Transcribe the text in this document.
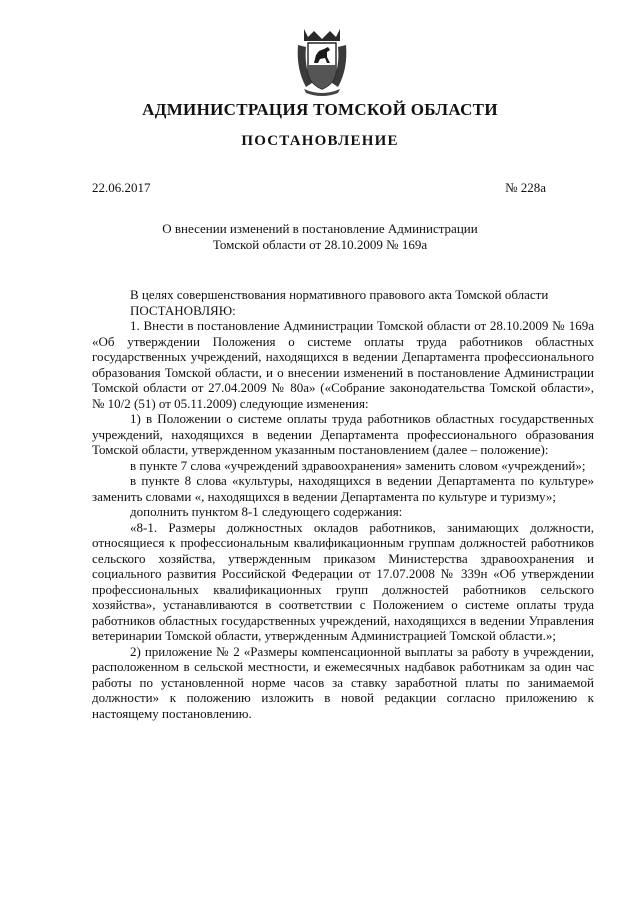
АДМИНИСТРАЦИЯ ТОМСКОЙ ОБЛАСТИ
ПОСТАНОВЛЕНИЕ
22.06.2017	№ 228а
О внесении изменений в постановление Администрации
Томской области от 28.10.2009 № 169а

В целях совершенствования нормативного правового акта Томской области

ПОСТАНОВЛЯЮ:

1. Внести в постановление Администрации Томской области от 28.10.2009 № 169а «Об утверждении Положения о системе оплаты труда работников областных государственных учреждений, находящихся в ведении Департамента профессионального образования Томской области, и о внесении изменений в постановление Администрации Томской области от 27.04.2009 № 80а» («Собрание законодательства Томской области», № 10/2 (51) от 05.11.2009) следующие изменения:

1) в Положении о системе оплаты труда работников областных государственных учреждений, находящихся в ведении Департамента профессионального образования Томской области, утвержденном указанным постановлением (далее – положение):

в пункте 7 слова «учреждений здравоохранения» заменить словом «учреждений»;

в пункте 8 слова «культуры, находящихся в ведении Департамента по культуре» заменить словами «, находящихся в ведении Департамента по культуре и туризму»;

дополнить пунктом 8-1 следующего содержания:

«8-1. Размеры должностных окладов работников, занимающих должности, относящиеся к профессиональным квалификационным группам должностей работников сельского хозяйства, утвержденным приказом Министерства здравоохранения и социального развития Российской Федерации от 17.07.2008 № 339н «Об утверждении профессиональных квалификационных групп должностей работников сельского хозяйства», устанавливаются в соответствии с Положением о системе оплаты труда работников областных государственных учреждений, находящихся в ведении Управления ветеринарии Томской области, утвержденным Администрацией Томской области.»;

2) приложение № 2 «Размеры компенсационной выплаты за работу в учреждении, расположенном в сельской местности, и ежемесячных надбавок работникам за один час работы по установленной норме часов за ставку заработной платы по занимаемой должности» к положению изложить в новой редакции согласно приложению к настоящему постановлению.
